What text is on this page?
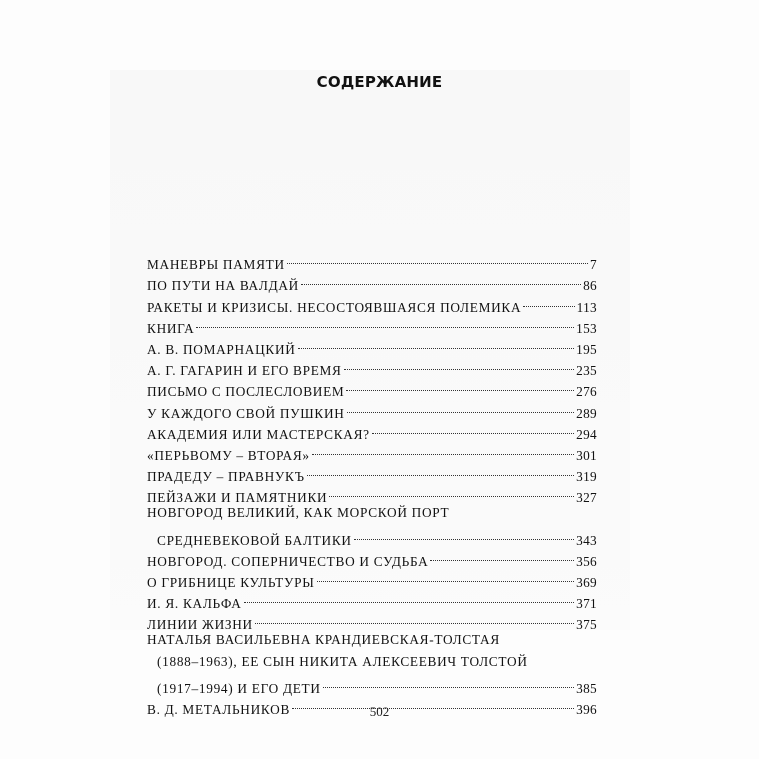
СОДЕРЖАНИЕ
МАНЕВРЫ ПАМЯТИ	7
ПО ПУТИ НА ВАЛДАЙ	86
РАКЕТЫ И КРИЗИСЫ. НЕСОСТОЯВШАЯСЯ ПОЛЕМИКА	113
КНИГА	153
А. В. ПОМАРНАЦКИЙ	195
А. Г. ГАГАРИН И ЕГО ВРЕМЯ	235
ПИСЬМО С ПОСЛЕСЛОВИЕМ	276
У КАЖДОГО СВОЙ ПУШКИН	289
АКАДЕМИЯ ИЛИ МАСТЕРСКАЯ?	294
«ПЕРЬВОМУ – ВТОРАЯ»	301
ПРАДЕДУ – ПРАВНУКЪ	319
ПЕЙЗАЖИ И ПАМЯТНИКИ	327
НОВГОРОД ВЕЛИКИЙ, КАК МОРСКОЙ ПОРТ
СРЕДНЕВЕКОВОЙ БАЛТИКИ	343
НОВГОРОД. СОПЕРНИЧЕСТВО И СУДЬБА	356
О ГРИБНИЦЕ КУЛЬТУРЫ	369
И. Я. КАЛЬФА	371
ЛИНИИ ЖИЗНИ	375
НАТАЛЬЯ ВАСИЛЬЕВНА КРАНДИЕВСКАЯ-ТОЛСТАЯ
(1888–1963), ЕЕ СЫН НИКИТА АЛЕКСЕЕВИЧ ТОЛСТОЙ
(1917–1994) И ЕГО ДЕТИ	385
В. Д. МЕТАЛЬНИКОВ	396
502
